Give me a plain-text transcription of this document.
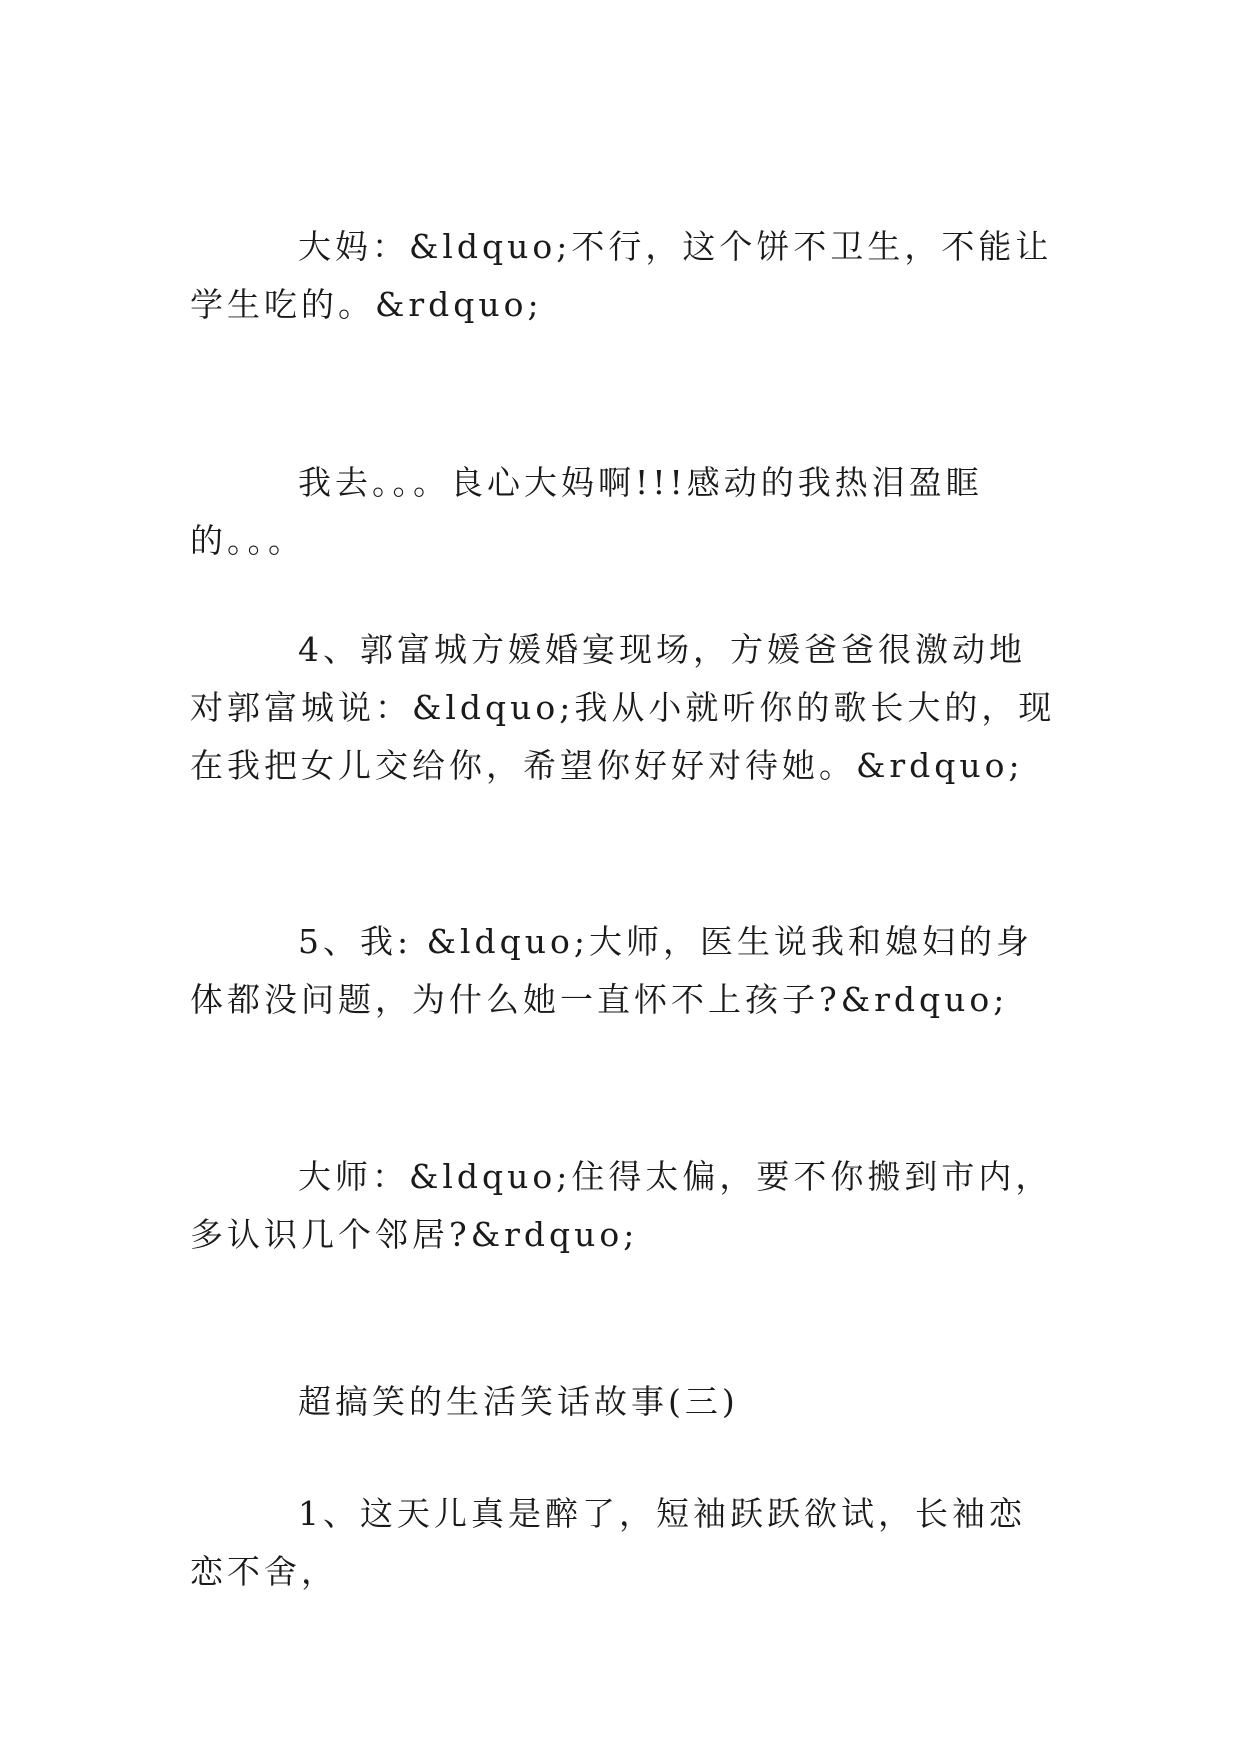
大妈：&ldquo;不行，这个饼不卫生，不能让学生吃的。&rdquo;

我去。。。良心大妈啊!!!感动的我热泪盈眶的。。。

4、郭富城方媛婚宴现场，方媛爸爸很激动地对郭富城说：&ldquo;我从小就听你的歌长大的，现在我把女儿交给你，希望你好好对待她。&rdquo;

5、我: &ldquo;大师，医生说我和媳妇的身体都没问题，为什么她一直怀不上孩子?&rdquo;

大师：&ldquo;住得太偏，要不你搬到市内，多认识几个邻居?&rdquo;

超搞笑的生活笑话故事(三)

1、这天儿真是醉了，短袖跃跃欲试，长袖恋恋不舍，
